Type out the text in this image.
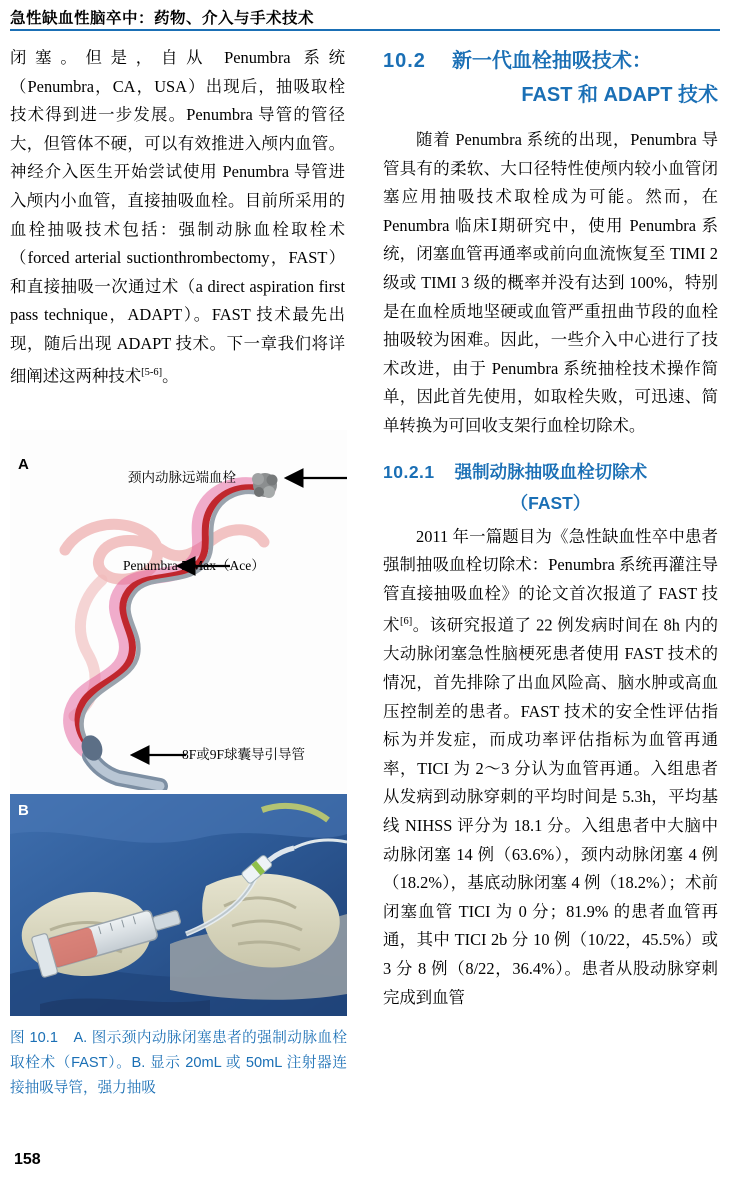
急性缺血性脑卒中：药物、介入与手术技术

闭塞。但是，自从 Penumbra 系统（Penumbra，CA，USA）出现后，抽吸取栓技术得到进一步发展。Penumbra 导管的管径大，但管体不硬，可以有效推进入颅内血管。神经介入医生开始尝试使用 Penumbra 导管进入颅内小血管，直接抽吸血栓。目前所采用的血栓抽吸技术包括：强制动脉血栓取栓术（forced arterial suctionthrombectomy，FAST）和直接抽吸一次通过术（a direct aspiration first pass technique，ADAPT）。FAST 技术最先出现，随后出现 ADAPT 技术。下一章我们将详细阐述这两种技术[5-6]。

A
颈内动脉远端血栓
Penumbra 5 Max（Ace）
8F或9F球囊导引导管
B
图 10.1　A. 图示颈内动脉闭塞患者的强制动脉血栓取栓术（FAST）。B. 显示 20mL 或 50mL 注射器连接抽吸导管，强力抽吸
10.2 新一代血栓抽吸技术：
FAST 和 ADAPT 技术

随着 Penumbra 系统的出现，Penumbra 导管具有的柔软、大口径特性使颅内较小血管闭塞应用抽吸技术取栓成为可能。然而，在 Penumbra 临床Ⅰ期研究中，使用 Penumbra 系统，闭塞血管再通率或前向血流恢复至 TIMI 2 级或 TIMI 3 级的概率并没有达到 100%，特别是在血栓质地坚硬或血管严重扭曲节段的血栓抽吸较为困难。因此，一些介入中心进行了技术改进，由于 Penumbra 系统抽栓技术操作简单，因此首先使用，如取栓失败，可迅速、简单转换为可回收支架行血栓切除术。

10.2.1 强制动脉抽吸血栓切除术
（FAST）

2011 年一篇题目为《急性缺血性卒中患者强制抽吸血栓切除术：Penumbra 系统再灌注导管直接抽吸血栓》的论文首次报道了 FAST 技术[6]。该研究报道了 22 例发病时间在 8h 内的大动脉闭塞急性脑梗死患者使用 FAST 技术的情况，首先排除了出血风险高、脑水肿或高血压控制差的患者。FAST 技术的安全性评估指标为并发症，而成功率评估指标为血管再通率，TICI 为 2～3 分认为血管再通。入组患者从发病到动脉穿刺的平均时间是 5.3h，平均基线 NIHSS 评分为 18.1 分。入组患者中大脑中动脉闭塞 14 例（63.6%），颈内动脉闭塞 4 例（18.2%），基底动脉闭塞 4 例（18.2%）；术前闭塞血管 TICI 为 0 分；81.9% 的患者血管再通，其中 TICI 2b 分 10 例（10/22，45.5%）或 3 分 8 例（8/22，36.4%）。患者从股动脉穿刺完成到血管

158
